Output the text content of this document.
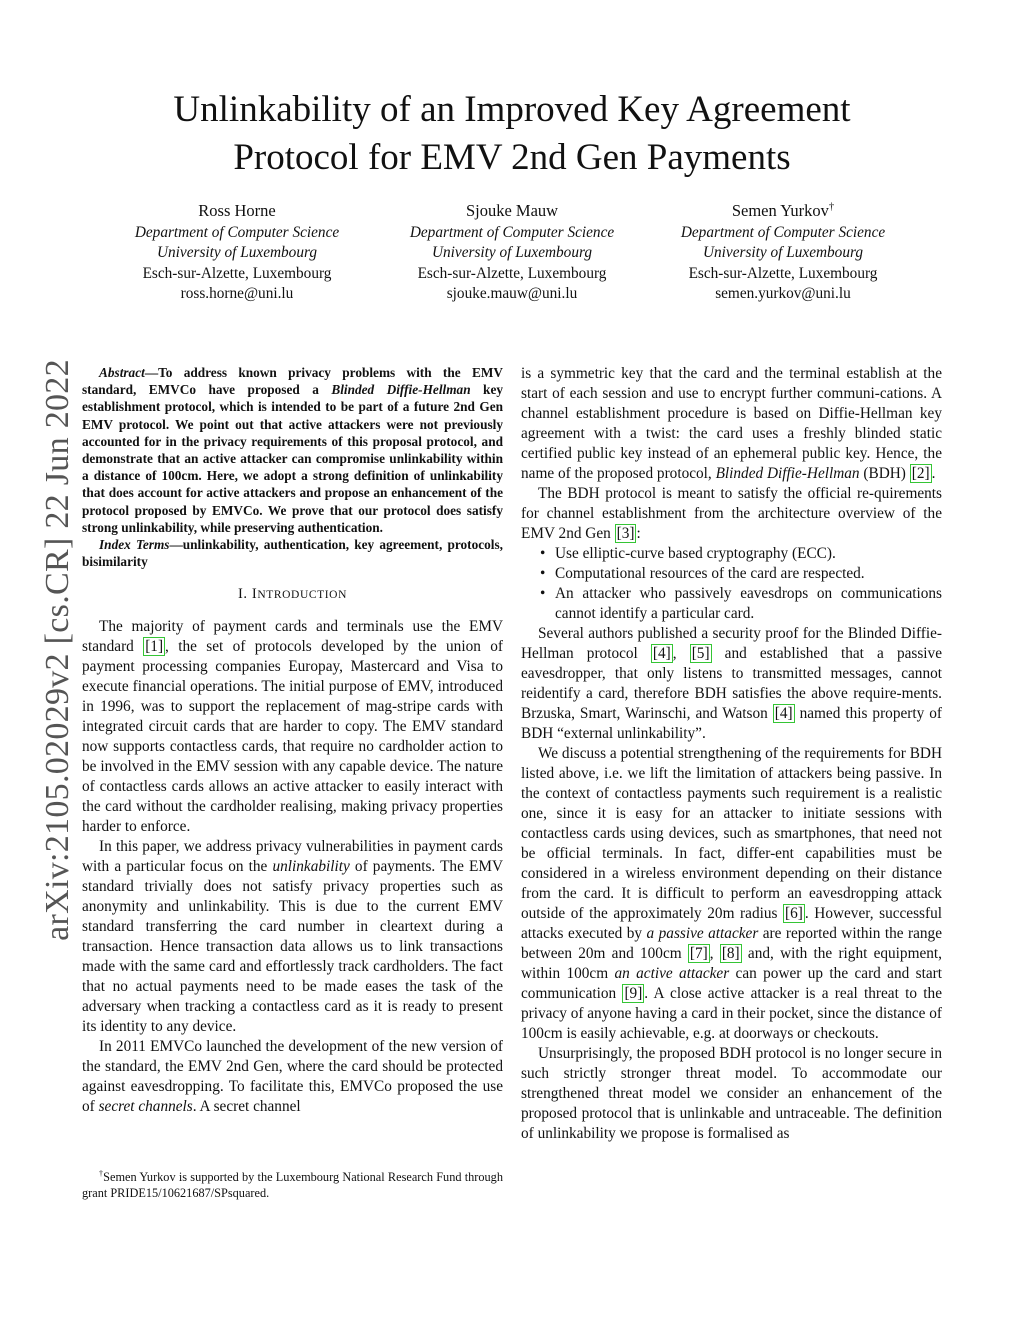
Unlinkability of an Improved Key Agreement
Protocol for EMV 2nd Gen Payments
Ross Horne
Department of Computer Science
University of Luxembourg
Esch-sur-Alzette, Luxembourg
ross.horne@uni.lu
Sjouke Mauw
Department of Computer Science
University of Luxembourg
Esch-sur-Alzette, Luxembourg
sjouke.mauw@uni.lu
Semen Yurkov†
Department of Computer Science
University of Luxembourg
Esch-sur-Alzette, Luxembourg
semen.yurkov@uni.lu
arXiv:2105.02029v2 [cs.CR] 22 Jun 2022	Abstract—To address known privacy problems with the EMV standard, EMVCo have proposed a Blinded Diffie-Hellman key establishment protocol, which is intended to be part of a future 2nd Gen EMV protocol. We point out that active attackers were not previously accounted for in the privacy requirements of this proposal protocol, and demonstrate that an active attacker can compromise unlinkability within a distance of 100cm. Here, we adopt a strong definition of unlinkability that does account for active attackers and propose an enhancement of the protocol proposed by EMVCo. We prove that our protocol does satisfy strong unlinkability, while preserving authentication.

Index Terms—unlinkability, authentication, key agreement, protocols, bisimilarity

I. INTRODUCTION

The majority of payment cards and terminals use the EMV standard [1] , the set of protocols developed by the union of payment processing companies Europay, Mastercard and Visa to execute financial operations. The initial purpose of EMV, introduced in 1996, was to support the replacement of mag-stripe cards with integrated circuit cards that are harder to copy. The EMV standard now supports contactless cards, that require no cardholder action to be involved in the EMV session with any capable device. The nature of contactless cards allows an active attacker to easily interact with the card without the cardholder realising, making privacy properties harder to enforce.

In this paper, we address privacy vulnerabilities in payment cards with a particular focus on the unlinkability of payments. The EMV standard trivially does not satisfy privacy properties such as anonymity and unlinkability. This is due to the current EMV standard transferring the card number in cleartext during a transaction. Hence transaction data allows us to link transactions made with the same card and effortlessly track cardholders. The fact that no actual payments need to be made eases the task of the adversary when tracking a contactless card as it is ready to present its identity to any device.

In 2011 EMVCo launched the development of the new version of the standard, the EMV 2nd Gen, where the card should be protected against eavesdropping. To facilitate this, EMVCo proposed the use of secret channels. A secret channel

†Semen Yurkov is supported by the Luxembourg National Research Fund through grant PRIDE15/10621687/SPsquared.

is a symmetric key that the card and the terminal establish at the start of each session and use to encrypt further communi-cations. A channel establishment procedure is based on Diffie-Hellman key agreement with a twist: the card uses a freshly blinded static certified public key instead of an ephemeral public key. Hence, the name of the proposed protocol, Blinded Diffie-Hellman (BDH) [2] .

The BDH protocol is meant to satisfy the official re-quirements for channel establishment from the architecture overview of the EMV 2nd Gen [3] :

• Use elliptic-curve based cryptography (ECC).
• Computational resources of the card are respected.
• An attacker who passively eavesdrops on communications cannot identify a particular card.

Several authors published a security proof for the Blinded Diffie-Hellman protocol [4] , [5] and established that a passive eavesdropper, that only listens to transmitted messages, cannot reidentify a card, therefore BDH satisfies the above require-ments. Brzuska, Smart, Warinschi, and Watson [4] named this property of BDH “external unlinkability”.

We discuss a potential strengthening of the requirements for BDH listed above, i.e. we lift the limitation of attackers being passive. In the context of contactless payments such requirement is a realistic one, since it is easy for an attacker to initiate sessions with contactless cards using devices, such as smartphones, that need not be official terminals. In fact, differ-ent capabilities must be considered in a wireless environment depending on their distance from the card. It is difficult to perform an eavesdropping attack outside of the approximately 20m radius [6] . However, successful attacks executed by a passive attacker are reported within the range between 20m and 100cm [7] , [8] and, with the right equipment, within 100cm an active attacker can power up the card and start communication [9] . A close active attacker is a real threat to the privacy of anyone having a card in their pocket, since the distance of 100cm is easily achievable, e.g. at doorways or checkouts.

Unsurprisingly, the proposed BDH protocol is no longer secure in such strictly stronger threat model. To accommodate our strengthened threat model we consider an enhancement of the proposed protocol that is unlinkable and untraceable. The definition of unlinkability we propose is formalised as
